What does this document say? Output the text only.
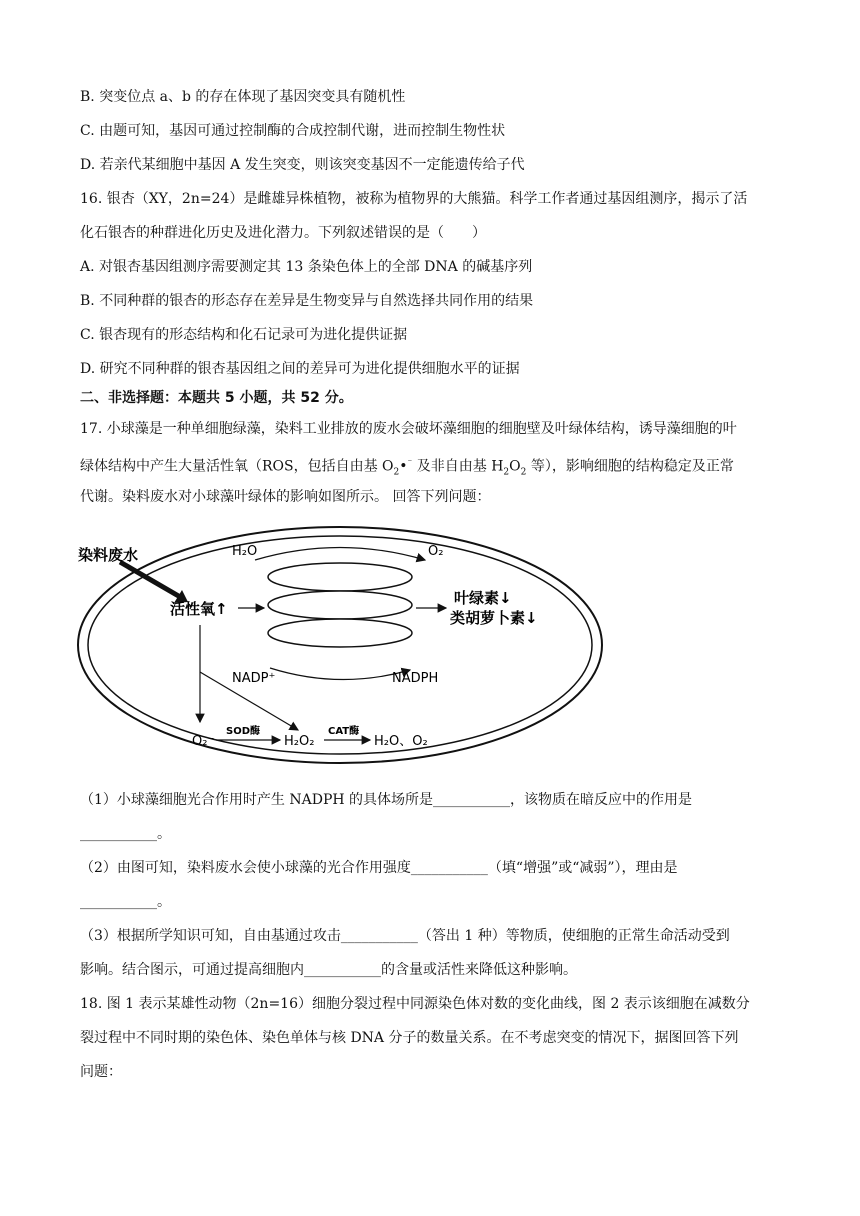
B. 突变位点 a、b 的存在体现了基因突变具有随机性
C. 由题可知，基因可通过控制酶的合成控制代谢，进而控制生物性状
D. 若亲代某细胞中基因 A 发生突变，则该突变基因不一定能遗传给子代
16. 银杏（XY，2n=24）是雌雄异株植物，被称为植物界的大熊猫。科学工作者通过基因组测序，揭示了活
化石银杏的种群进化历史及进化潜力。下列叙述错误的是（　　）
A. 对银杏基因组测序需要测定其 13 条染色体上的全部 DNA 的碱基序列
B. 不同种群的银杏的形态存在差异是生物变异与自然选择共同作用的结果
C. 银杏现有的形态结构和化石记录可为进化提供证据
D. 研究不同种群的银杏基因组之间的差异可为进化提供细胞水平的证据
二、非选择题：本题共 5 小题，共 52 分。
17. 小球藻是一种单细胞绿藻，染料工业排放的废水会破坏藻细胞的细胞壁及叶绿体结构，诱导藻细胞的叶
绿体结构中产生大量活性氧（ROS，包括自由基 $O_2•^{^-}$ 及非自由基 $H_2O_2$ 等），影响细胞的结构稳定及正常
代谢。染料废水对小球藻叶绿体的影响如图所示。 回答下列问题：
染料废水
活性氧↑
H₂O	O₂
叶绿素↓
类胡萝卜素↓
NADP⁺	NADPH
O₂⁻
SOD酶
H₂O₂
CAT酶
H₂O、O₂
（1）小球藻细胞光合作用时产生 NADPH 的具体场所是___________，该物质在暗反应中的作用是
___________。
（2）由图可知，染料废水会使小球藻的光合作用强度___________（填“增强”或“减弱”），理由是
___________。
（3）根据所学知识可知，自由基通过攻击___________（答出 1 种）等物质，使细胞的正常生命活动受到
影响。结合图示，可通过提高细胞内___________的含量或活性来降低这种影响。
18. 图 1 表示某雄性动物（2n=16）细胞分裂过程中同源染色体对数的变化曲线，图 2 表示该细胞在减数分
裂过程中不同时期的染色体、染色单体与核 DNA 分子的数量关系。在不考虑突变的情况下，据图回答下列
问题：
